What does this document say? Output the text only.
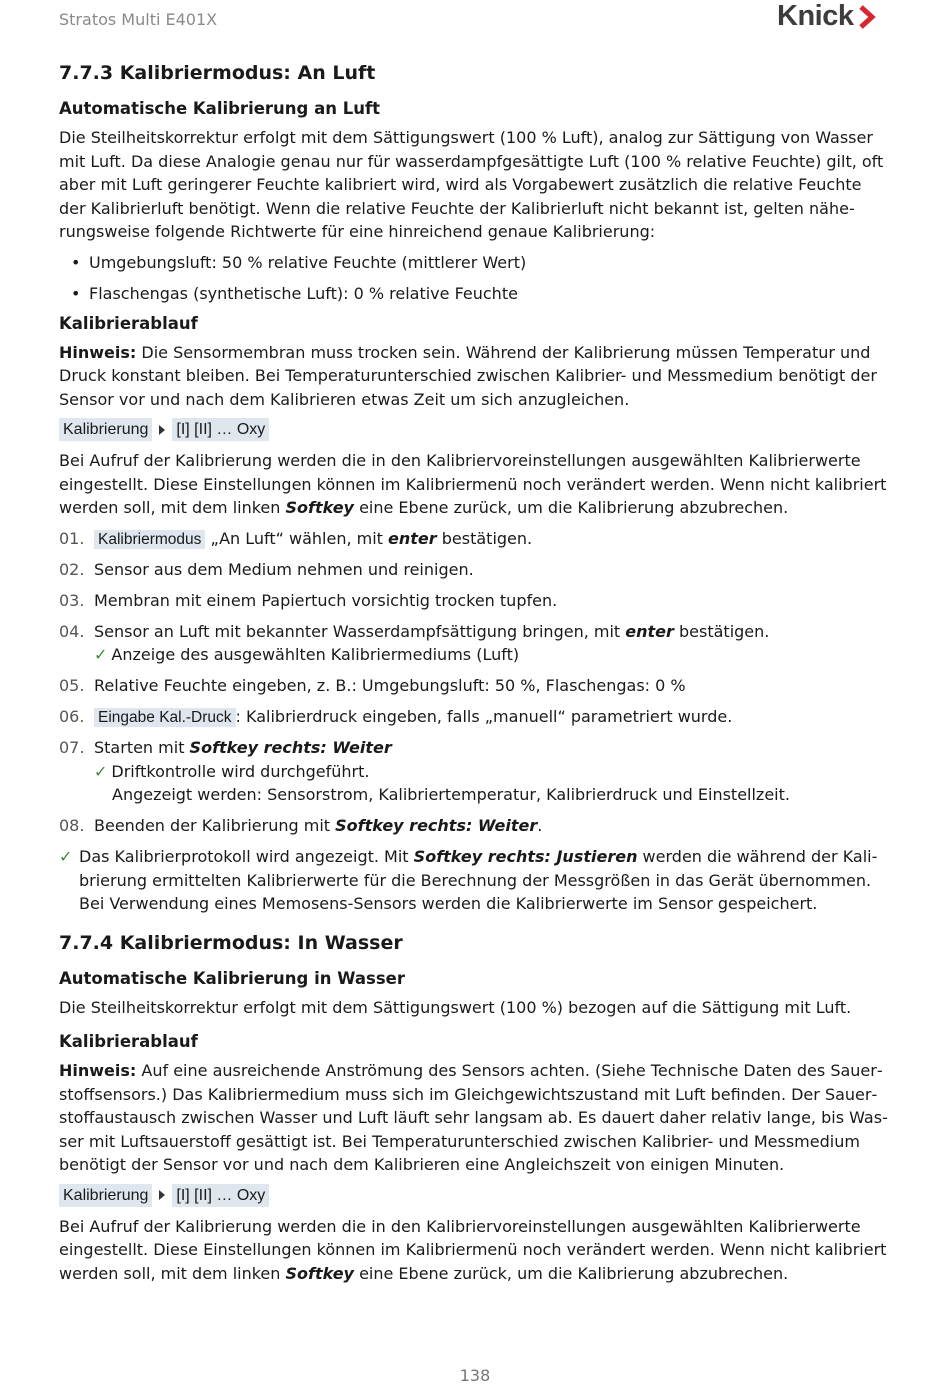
Stratos Multi E401X	Knick
7.7.3 Kalibriermodus: An Luft
Automatische Kalibrierung an Luft

Die Steilheitskorrektur erfolgt mit dem Sättigungswert (100 % Luft), analog zur Sättigung von Wasser mit Luft. Da diese Analogie genau nur für wasserdampfgesättigte Luft (100 % relative Feuchte) gilt, oft aber mit Luft geringerer Feuchte kalibriert wird, wird als Vorgabewert zusätzlich die relative Feuchte der Kalibrierluft benötigt. Wenn die relative Feuchte der Kalibrierluft nicht bekannt ist, gelten näherungsweise folgende Richtwerte für eine hinreichend genaue Kalibrierung:

• Umgebungsluft: 50 % relative Feuchte (mittlerer Wert)
• Flaschengas (synthetische Luft): 0 % relative Feuchte
Kalibrierablauf

Hinweis: Die Sensormembran muss trocken sein. Während der Kalibrierung müssen Temperatur und Druck konstant bleiben. Bei Temperaturunterschied zwischen Kalibrier- und Messmedium benötigt der Sensor vor und nach dem Kalibrieren etwas Zeit um sich anzugleichen.

Kalibrierung [I] [II] … Oxy

Bei Aufruf der Kalibrierung werden die in den Kalibriervoreinstellungen ausgewählten Kalibrierwerte eingestellt. Diese Einstellungen können im Kalibriermenü noch verändert werden. Wenn nicht kalibriert werden soll, mit dem linken Softkey eine Ebene zurück, um die Kalibrierung abzubrechen.

01. Kalibriermodus „An Luft“ wählen, mit enter bestätigen.
02. Sensor aus dem Medium nehmen und reinigen.
03. Membran mit einem Papiertuch vorsichtig trocken tupfen.
04. Sensor an Luft mit bekannter Wasserdampfsättigung bringen, mit enter bestätigen.
✓ Anzeige des ausgewählten Kalibriermediums (Luft)
05. Relative Feuchte eingeben, z. B.: Umgebungsluft: 50 %, Flaschengas: 0 %
06. Eingabe Kal.-Druck : Kalibrierdruck eingeben, falls „manuell“ parametriert wurde.
07. Starten mit Softkey rechts: Weiter
✓ Driftkontrolle wird durchgeführt.
Angezeigt werden: Sensorstrom, Kalibriertemperatur, Kalibrierdruck und Einstellzeit.
08. Beenden der Kalibrierung mit Softkey rechts: Weiter.
✓ Das Kalibrierprotokoll wird angezeigt. Mit Softkey rechts: Justieren werden die während der Kalibrierung ermittelten Kalibrierwerte für die Berechnung der Messgrößen in das Gerät übernommen. Bei Verwendung eines Memosens-Sensors werden die Kalibrierwerte im Sensor gespeichert.
7.7.4 Kalibriermodus: In Wasser
Automatische Kalibrierung in Wasser

Die Steilheitskorrektur erfolgt mit dem Sättigungswert (100 %) bezogen auf die Sättigung mit Luft.

Kalibrierablauf

Hinweis: Auf eine ausreichende Anströmung des Sensors achten. (Siehe Technische Daten des Sauerstoffsensors.) Das Kalibriermedium muss sich im Gleichgewichtszustand mit Luft befinden. Der Sauerstoffaustausch zwischen Wasser und Luft läuft sehr langsam ab. Es dauert daher relativ lange, bis Wasser mit Luftsauerstoff gesättigt ist. Bei Temperaturunterschied zwischen Kalibrier- und Messmedium benötigt der Sensor vor und nach dem Kalibrieren eine Angleichszeit von einigen Minuten.

Kalibrierung [I] [II] … Oxy

Bei Aufruf der Kalibrierung werden die in den Kalibriervoreinstellungen ausgewählten Kalibrierwerte eingestellt. Diese Einstellungen können im Kalibriermenü noch verändert werden. Wenn nicht kalibriert werden soll, mit dem linken Softkey eine Ebene zurück, um die Kalibrierung abzubrechen.

138
